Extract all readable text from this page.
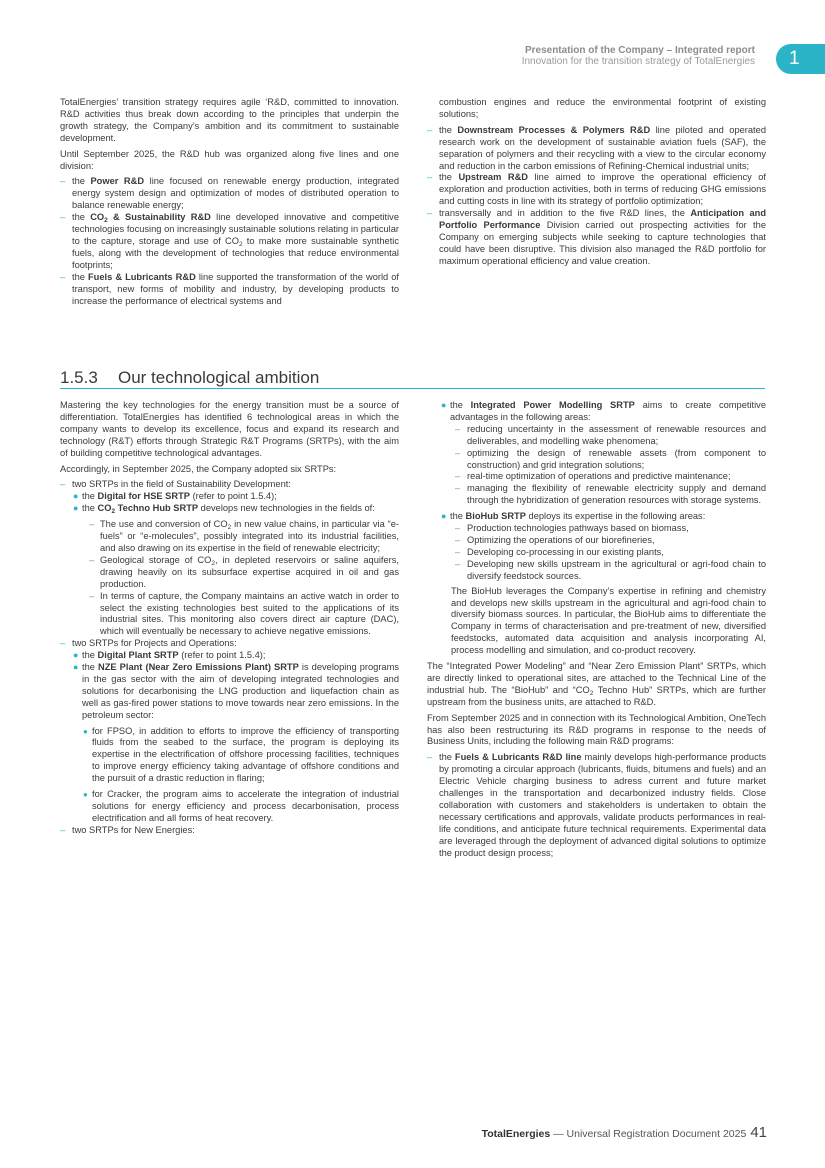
Presentation of the Company – Integrated report
Innovation for the transition strategy of TotalEnergies	1

TotalEnergies’ transition strategy requires agile ‘R&D, committed to innovation. R&D activities thus break down according to the principles that underpin the growth strategy, the Company’s ambition and its commitment to sustainable development.

Until September 2025, the R&D hub was organized along five lines and one division:

– the Power R&D line focused on renewable energy production, integrated energy system design and optimization of modes of distributed operation to balance renewable energy;
– the $CO_2$ & Sustainability R&D line developed innovative and competitive technologies focusing on increasingly sustainable solutions relating in particular to the capture, storage and use of $CO_2$ to make more sustainable synthetic fuels, along with the development of technologies that reduce environmental footprints;
– the Fuels & Lubricants R&D line supported the transformation of the world of transport, new forms of mobility and industry, by developing products to increase the performance of electrical systems and

combustion engines and reduce the environmental footprint of existing solutions;

– the Downstream Processes & Polymers R&D line piloted and operated research work on the development of sustainable aviation fuels (SAF), the separation of polymers and their recycling with a view to the circular economy and reduction in the carbon emissions of Refining-Chemical industrial units;
– the Upstream R&D line aimed to improve the operational efficiency of exploration and production activities, both in terms of reducing GHG emissions and cutting costs in line with its strategy of portfolio optimization;
– transversally and in addition to the five R&D lines, the Anticipation and Portfolio Performance Division carried out prospecting activities for the Company on emerging subjects while seeking to capture technologies that could have been disruptive. This division also managed the R&D portfolio for maximum operational efficiency and value creation.
1.5.3 Our technological ambition

Mastering the key technologies for the energy transition must be a source of differentiation. TotalEnergies has identified 6 technological areas in which the company wants to develop its excellence, focus and expand its research and technology (R&T) efforts through Strategic R&T Programs (SRTPs), with the aim of building competitive technological advantages.

Accordingly, in September 2025, the Company adopted six SRTPs:

– two SRTPs in the field of Sustainability Development:
● the Digital for HSE SRTP (refer to point 1.5.4);
● the $CO_2$ Techno Hub SRTP develops new technologies in the fields of:
– The use and conversion of $CO_2$ in new value chains, in particular via “e-fuels” or “e-molecules”, possibly integrated into its industrial facilities, and also drawing on its expertise in the field of renewable electricity;
– Geological storage of $CO_2$, in depleted reservoirs or saline aquifers, drawing heavily on its subsurface expertise acquired in oil and gas production.
– In terms of capture, the Company maintains an active watch in order to select the existing technologies best suited to the applications of its industrial sites. This monitoring also covers direct air capture (DAC), which will eventually be necessary to achieve negative emissions.
– two SRTPs for Projects and Operations:
● the Digital Plant SRTP (refer to point 1.5.4);
● the NZE Plant (Near Zero Emissions Plant) SRTP is developing programs in the gas sector with the aim of developing integrated technologies and solutions for decarbonising the LNG production and liquefaction chain as well as gas-fired power stations to move towards near zero emissions. In the petroleum sector:
● for FPSO, in addition to efforts to improve the efficiency of transporting fluids from the seabed to the surface, the program is deploying its expertise in the electrification of offshore processing facilities, techniques to improve energy efficiency taking advantage of offshore conditions and the pursuit of a drastic reduction in flaring;
● for Cracker, the program aims to accelerate the integration of industrial solutions for energy efficiency and process decarbonisation, process electrification and all forms of heat recovery.
– two SRTPs for New Energies:
● the Integrated Power Modelling SRTP aims to create competitive advantages in the following areas:
– reducing uncertainty in the assessment of renewable resources and deliverables, and modelling wake phenomena;
– optimizing the design of renewable assets (from component to construction) and grid integration solutions;
– real-time optimization of operations and predictive maintenance;
– managing the flexibility of renewable electricity supply and demand through the hybridization of generation resources with storage systems.
● the BioHub SRTP deploys its expertise in the following areas:
– Production technologies pathways based on biomass,
– Optimizing the operations of our biorefineries,
– Developing co-processing in our existing plants,
– Developing new skills upstream in the agricultural or agri-food chain to diversify feedstock sources.

The BioHub leverages the Company’s expertise in refining and chemistry and develops new skills upstream in the agricultural and agri-food chain to diversify biomass sources. In particular, the BioHub aims to differentiate the Company in terms of characterisation and pre-treatment of new, diversified feedstocks, automated data acquisition and analysis incorporating AI, process modelling and simulation, and co-product recovery.

The “Integrated Power Modeling” and “Near Zero Emission Plant” SRTPs, which are directly linked to operational sites, are attached to the Technical Line of the industrial hub. The “BioHub” and “$CO_2$ Techno Hub” SRTPs, which are further upstream from the business units, are attached to R&D.

From September 2025 and in connection with its Technological Ambition, OneTech has also been restructuring its R&D programs in response to the needs of Business Units, including the following main R&D programs:

– the Fuels & Lubricants R&D line mainly develops high-performance products by promoting a circular approach (lubricants, fluids, bitumens and fuels) and an Electric Vehicle charging business to adress current and future market challenges in the transportation and decarbonized industry fields. Close collaboration with customers and stakeholders is undertaken to obtain the necessary certifications and approvals, validate products performances in real-life conditions, and anticipate future technical requirements. Experimental data are leveraged through the deployment of advanced digital solutions to optimize the product design process;
TotalEnergies — Universal Registration Document 2025 41
